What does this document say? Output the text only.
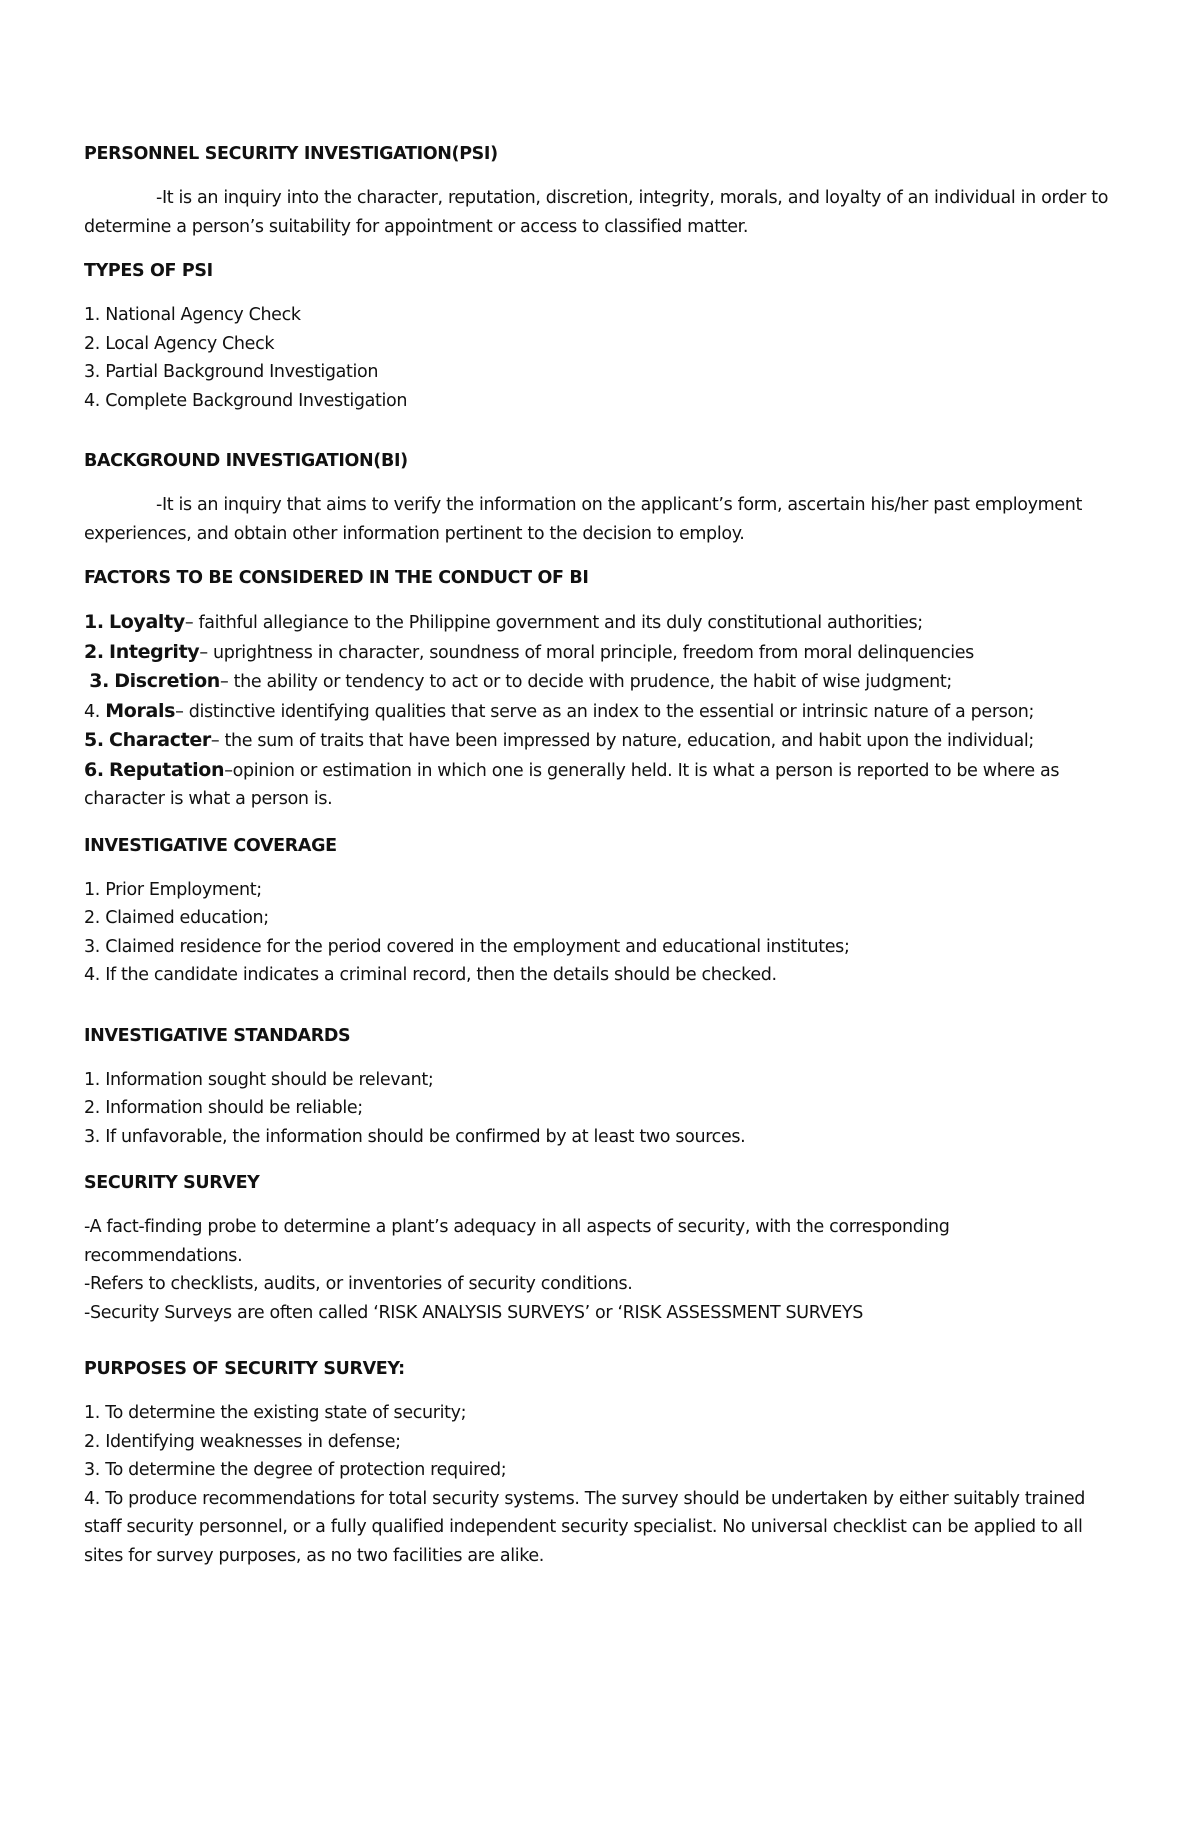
PERSONNEL SECURITY INVESTIGATION(PSI)

-It is an inquiry into the character, reputation, discretion, integrity, morals, and loyalty of an individual in order to determine a person’s suitability for appointment or access to classified matter.

TYPES OF PSI

1. National Agency Check
2. Local Agency Check
3. Partial Background Investigation
4. Complete Background Investigation

BACKGROUND INVESTIGATION(BI)

-It is an inquiry that aims to verify the information on the applicant’s form, ascertain his/her past employment experiences, and obtain other information pertinent to the decision to employ.

FACTORS TO BE CONSIDERED IN THE CONDUCT OF BI

1. Loyalty– faithful allegiance to the Philippine government and its duly constitutional authorities;

2. Integrity– uprightness in character, soundness of moral principle, freedom from moral delinquencies

3. Discretion– the ability or tendency to act or to decide with prudence, the habit of wise judgment;

4. Morals– distinctive identifying qualities that serve as an index to the essential or intrinsic nature of a person;

5. Character– the sum of traits that have been impressed by nature, education, and habit upon the individual;

6. Reputation–opinion or estimation in which one is generally held. It is what a person is reported to be where as character is what a person is.

INVESTIGATIVE COVERAGE

1. Prior Employment;
2. Claimed education;
3. Claimed residence for the period covered in the employment and educational institutes;
4. If the candidate indicates a criminal record, then the details should be checked.

INVESTIGATIVE STANDARDS

1. Information sought should be relevant;
2. Information should be reliable;
3. If unfavorable, the information should be confirmed by at least two sources.

SECURITY SURVEY

-A fact-finding probe to determine a plant’s adequacy in all aspects of security, with the corresponding recommendations.

-Refers to checklists, audits, or inventories of security conditions.

-Security Surveys are often called ‘RISK ANALYSIS SURVEYS’ or ‘RISK ASSESSMENT SURVEYS

PURPOSES OF SECURITY SURVEY:

1. To determine the existing state of security;
2. Identifying weaknesses in defense;
3. To determine the degree of protection required;
4. To produce recommendations for total security systems. The survey should be undertaken by either suitably trained staff security personnel, or a fully qualified independent security specialist. No universal checklist can be applied to all sites for survey purposes, as no two facilities are alike.
